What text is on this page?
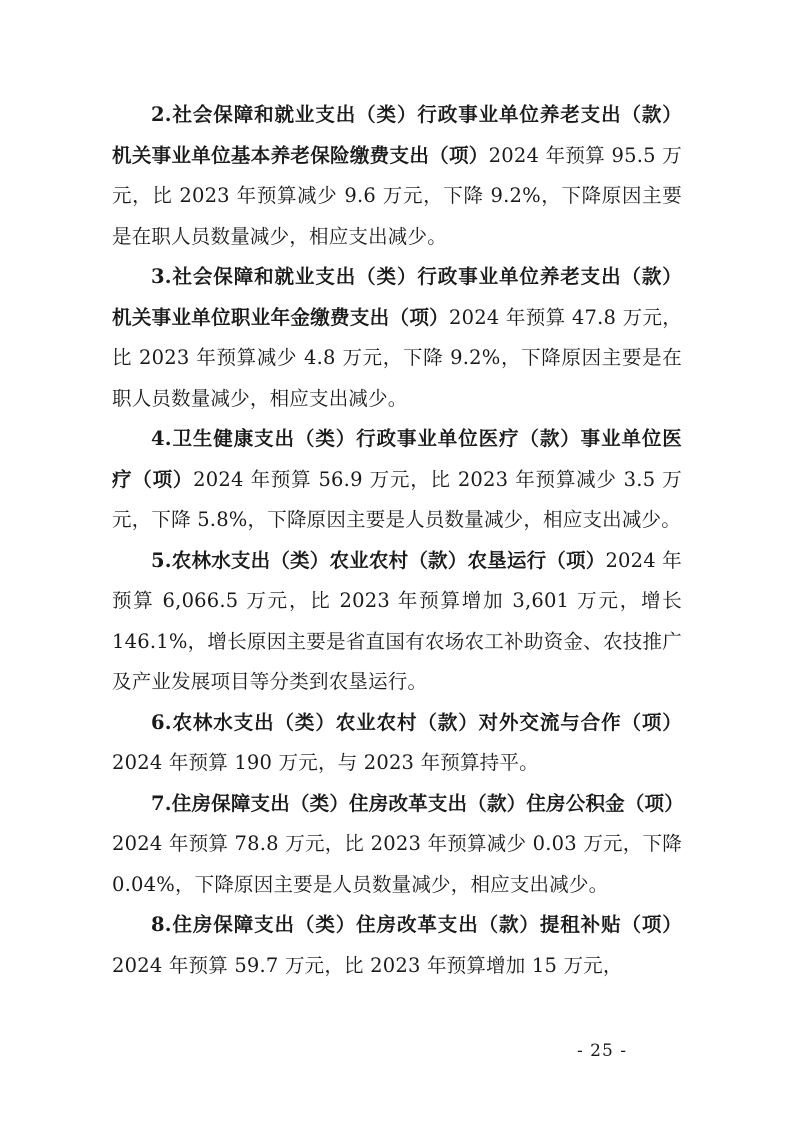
2.社会保障和就业支出（类）行政事业单位养老支出（款）机关事业单位基本养老保险缴费支出（项）2024 年预算 95.5 万元，比 2023 年预算减少 9.6 万元，下降 9.2%，下降原因主要是在职人员数量减少，相应支出减少。

3.社会保障和就业支出（类）行政事业单位养老支出（款）机关事业单位职业年金缴费支出（项）2024 年预算 47.8 万元，比 2023 年预算减少 4.8 万元，下降 9.2%，下降原因主要是在职人员数量减少，相应支出减少。

4.卫生健康支出（类）行政事业单位医疗（款）事业单位医疗（项）2024 年预算 56.9 万元，比 2023 年预算减少 3.5 万元，下降 5.8%，下降原因主要是人员数量减少，相应支出减少。

5.农林水支出（类）农业农村（款）农垦运行（项）2024 年预算 6,066.5 万元，比 2023 年预算增加 3,601 万元，增长 146.1%，增长原因主要是省直国有农场农工补助资金、农技推广及产业发展项目等分类到农垦运行。

6.农林水支出（类）农业农村（款）对外交流与合作（项）2024 年预算 190 万元，与 2023 年预算持平。

7.住房保障支出（类）住房改革支出（款）住房公积金（项）2024 年预算 78.8 万元，比 2023 年预算减少 0.03 万元，下降 0.04%，下降原因主要是人员数量减少，相应支出减少。

8.住房保障支出（类）住房改革支出（款）提租补贴（项）2024 年预算 59.7 万元，比 2023 年预算增加 15 万元，

- 25 -
